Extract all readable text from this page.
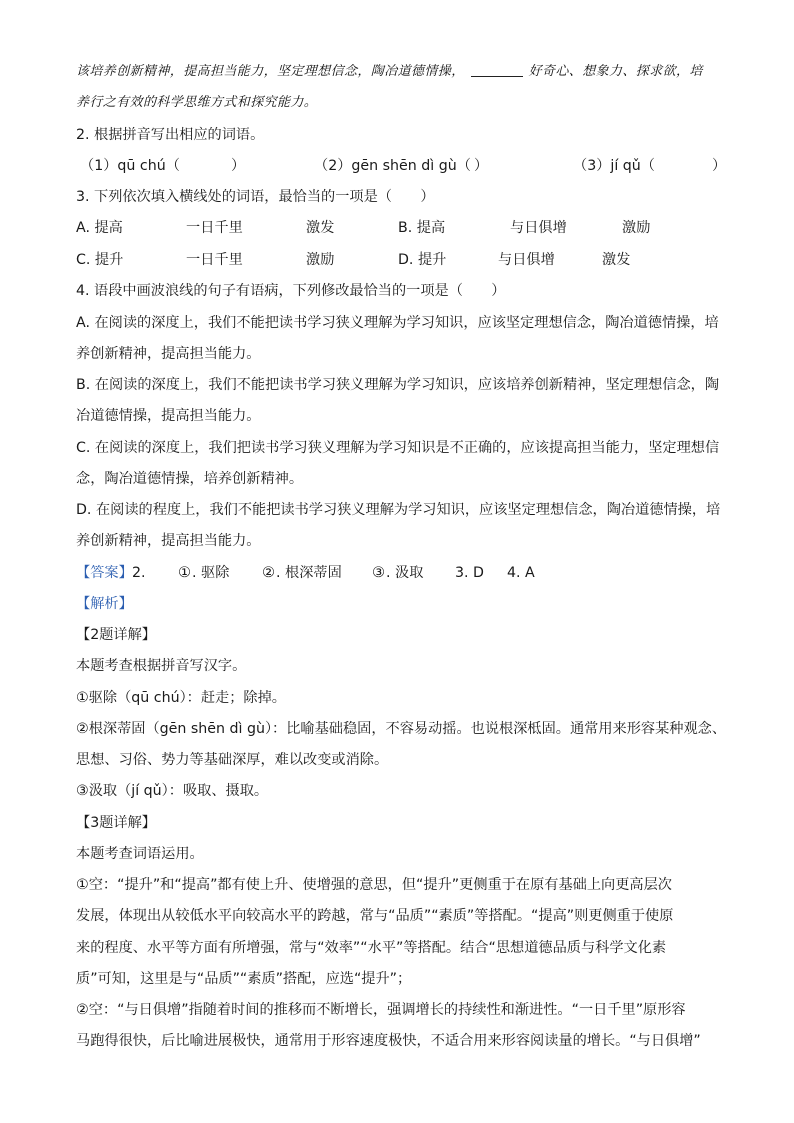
该培养创新精神，提高担当能力，坚定理想信念，陶冶道德情操，	好奇心、想象力、探求欲，培
养行之有效的科学思维方式和探究能力。
2. 根据拼音写出相应的词语。
（1）qū chú（	）	（2）gēn shēn dì gù（ ）	（3）jí qǔ（	）
3. 下列依次填入横线处的词语，最恰当的一项是（　　）
A. 提高	一日千里	激发	B. 提高	与日俱增	激励
C. 提升	一日千里	激励	D. 提升	与日俱增	激发
4. 语段中画波浪线的句子有语病，下列修改最恰当的一项是（　　）
A. 在阅读的深度上，我们不能把读书学习狭义理解为学习知识，应该坚定理想信念，陶冶道德情操，培
养创新精神，提高担当能力。
B. 在阅读的深度上，我们不能把读书学习狭义理解为学习知识，应该培养创新精神，坚定理想信念，陶
冶道德情操，提高担当能力。
C. 在阅读的深度上，我们把读书学习狭义理解为学习知识是不正确的，应该提高担当能力，坚定理想信
念，陶冶道德情操，培养创新精神。
D. 在阅读的程度上，我们不能把读书学习狭义理解为学习知识，应该坚定理想信念，陶冶道德情操，培
养创新精神，提高担当能力。
【答案】 2. ① . 驱除 ② . 根深蒂固 ③ . 汲取 3. D 4. A
【解析】
【2题详解】
本题考查根据拼音写汉字。
①驱除（qū chú）：赶走；除掉。
②根深蒂固（gēn shēn dì gù）：比喻基础稳固，不容易动摇。也说根深柢固。通常用来形容某种观念、
思想、习俗、势力等基础深厚，难以改变或消除。
③汲取（jí qǔ）：吸取、摄取。
【3题详解】
本题考查词语运用。
①空：“提升”和“提高”都有使上升、使增强的意思，但“提升”更侧重于在原有基础上向更高层次
发展，体现出从较低水平向较高水平的跨越，常与“品质”“素质”等搭配。“提高”则更侧重于使原
来的程度、水平等方面有所增强，常与“效率”“水平”等搭配。结合“思想道德品质与科学文化素
质”可知，这里是与“品质”“素质”搭配，应选“提升”；
②空：“与日俱增”指随着时间的推移而不断增长，强调增长的持续性和渐进性。“一日千里”原形容
马跑得很快，后比喻进展极快，通常用于形容速度极快，不适合用来形容阅读量的增长。“与日俱增”
